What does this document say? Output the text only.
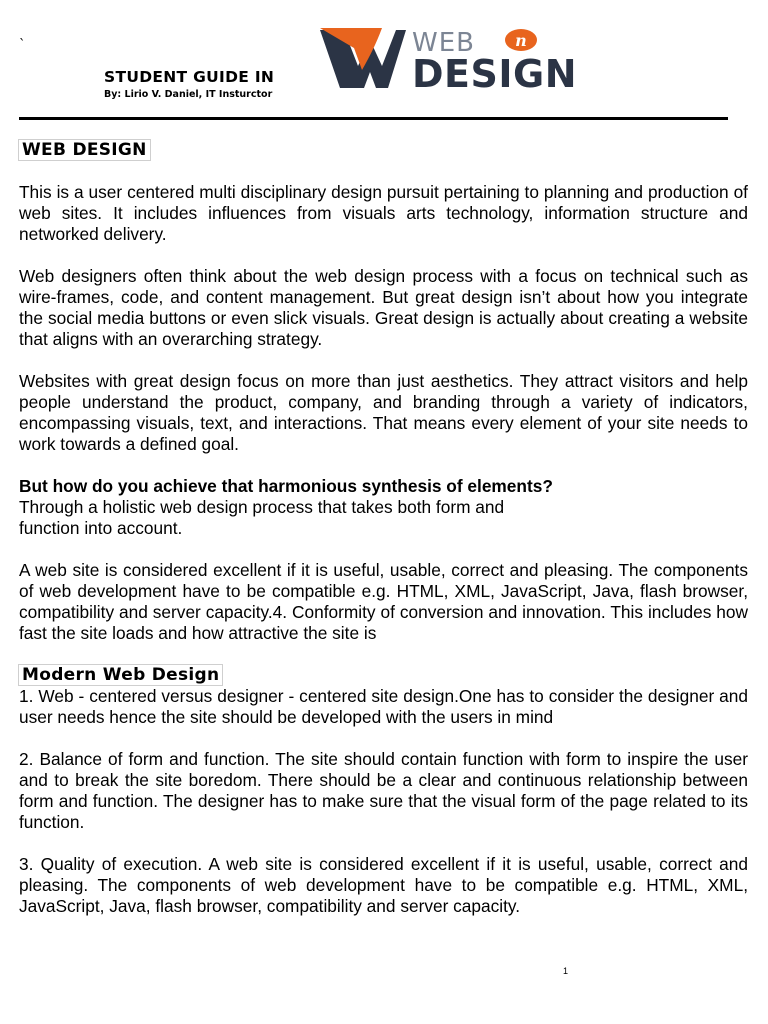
`
STUDENT GUIDE IN
By: Lirio V. Daniel, IT Insturctor
WEB	n
DESIGN
WEB DESIGN

This is a user centered multi disciplinary design pursuit pertaining to planning and production of web sites. It includes influences from visuals arts technology, information structure and networked delivery.

Web designers often think about the web design process with a focus on technical such as wire-frames, code, and content management. But great design isn’t about how you integrate the social media buttons or even slick visuals. Great design is actually about creating a website that aligns with an overarching strategy.

Websites with great design focus on more than just aesthetics. They attract visitors and help people understand the product, company, and branding through a variety of indicators, encompassing visuals, text, and interactions. That means every element of your site needs to work towards a defined goal.

But how do you achieve that harmonious synthesis of elements?

Through a holistic web design process that takes both form and

function into account.

A web site is considered excellent if it is useful, usable, correct and pleasing. The components of web development have to be compatible e.g. HTML, XML, JavaScript, Java, flash browser, compatibility and server capacity.4. Conformity of conversion and innovation. This includes how fast the site loads and how attractive the site is

Modern Web Design

1. Web - centered versus designer - centered site design.One has to consider the designer and user needs hence the site should be developed with the users in mind

2. Balance of form and function. The site should contain function with form to inspire the user and to break the site boredom. There should be a clear and continuous relationship between form and function. The designer has to make sure that the visual form of the page related to its function.

3. Quality of execution. A web site is considered excellent if it is useful, usable, correct and pleasing. The components of web development have to be compatible e.g. HTML, XML, JavaScript, Java, flash browser, compatibility and server capacity.

1
